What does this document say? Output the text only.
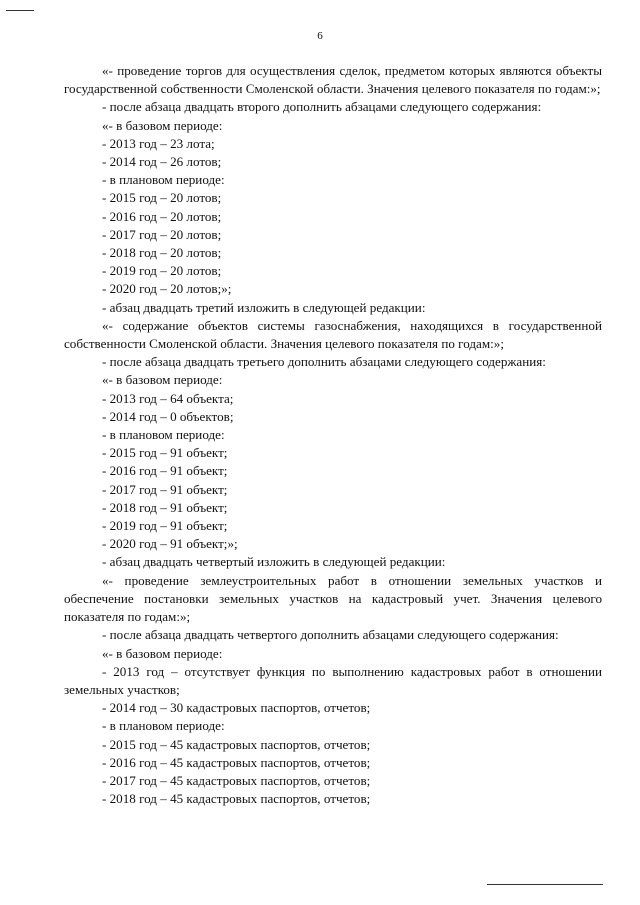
6

«- проведение торгов для осуществления сделок, предметом которых являются объекты государственной собственности Смоленской области. Значения целевого показателя по годам:»;

- после абзаца двадцать второго дополнить абзацами следующего содержания:

«- в базовом периоде:

- 2013 год – 23 лота;

- 2014 год – 26 лотов;

- в плановом периоде:

- 2015 год – 20 лотов;

- 2016 год – 20 лотов;

- 2017 год – 20 лотов;

- 2018 год – 20 лотов;

- 2019 год – 20 лотов;

- 2020 год – 20 лотов;»;

- абзац двадцать третий изложить в следующей редакции:

«- содержание объектов системы газоснабжения, находящихся в государственной собственности Смоленской области. Значения целевого показателя по годам:»;

- после абзаца двадцать третьего дополнить абзацами следующего содержания:

«- в базовом периоде:

- 2013 год – 64 объекта;

- 2014 год – 0 объектов;

- в плановом периоде:

- 2015 год – 91 объект;

- 2016 год – 91 объект;

- 2017 год – 91 объект;

- 2018 год – 91 объект;

- 2019 год – 91 объект;

- 2020 год – 91 объект;»;

- абзац двадцать четвертый изложить в следующей редакции:

«- проведение землеустроительных работ в отношении земельных участков и обеспечение постановки земельных участков на кадастровый учет. Значения целевого показателя по годам:»;

- после абзаца двадцать четвертого дополнить абзацами следующего содержания:

«- в базовом периоде:

- 2013 год – отсутствует функция по выполнению кадастровых работ в отношении земельных участков;

- 2014 год – 30 кадастровых паспортов, отчетов;

- в плановом периоде:

- 2015 год – 45 кадастровых паспортов, отчетов;

- 2016 год – 45 кадастровых паспортов, отчетов;

- 2017 год – 45 кадастровых паспортов, отчетов;

- 2018 год – 45 кадастровых паспортов, отчетов;
